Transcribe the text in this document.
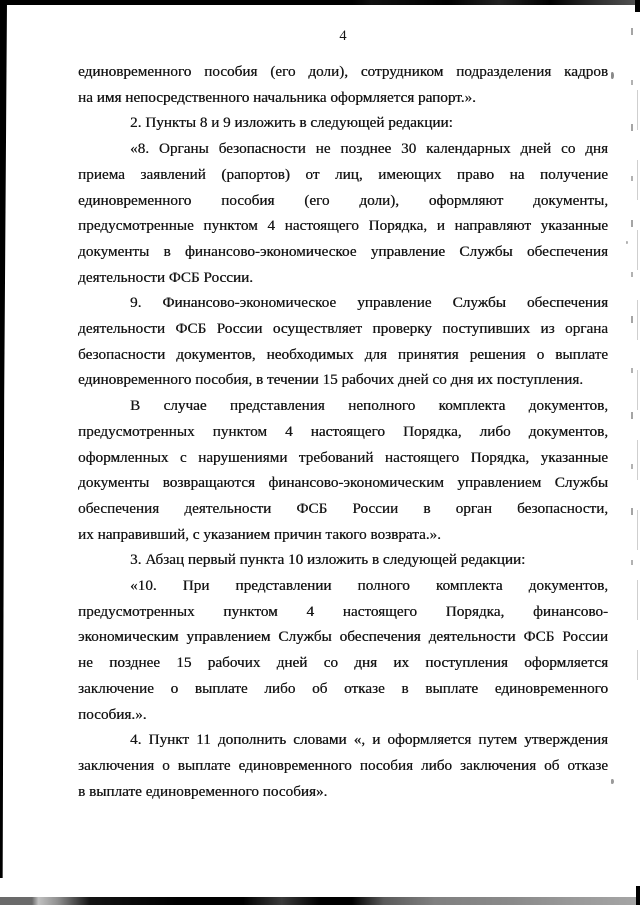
4
единовременного пособия (его доли), сотрудником подразделения кадров
на имя непосредственного начальника оформляется рапорт.».
2. Пункты 8 и 9 изложить в следующей редакции:
«8. Органы безопасности не позднее 30 календарных дней со дня
приема заявлений (рапортов) от лиц, имеющих право на получение
единовременного пособия (его доли), оформляют документы,
предусмотренные пунктом 4 настоящего Порядка, и направляют указанные
документы в финансово-экономическое управление Службы обеспечения
деятельности ФСБ России.
9. Финансово-экономическое управление Службы обеспечения
деятельности ФСБ России осуществляет проверку поступивших из органа
безопасности документов, необходимых для принятия решения о выплате
единовременного пособия, в течении 15 рабочих дней со дня их поступления.
В случае представления неполного комплекта документов,
предусмотренных пунктом 4 настоящего Порядка, либо документов,
оформленных с нарушениями требований настоящего Порядка, указанные
документы возвращаются финансово-экономическим управлением Службы
обеспечения деятельности ФСБ России в орган безопасности,
их направивший, с указанием причин такого возврата.».
3. Абзац первый пункта 10 изложить в следующей редакции:
«10. При представлении полного комплекта документов,
предусмотренных пунктом 4 настоящего Порядка, финансово-
экономическим управлением Службы обеспечения деятельности ФСБ России
не позднее 15 рабочих дней со дня их поступления оформляется
заключение о выплате либо об отказе в выплате единовременного
пособия.».
4. Пункт 11 дополнить словами «, и оформляется путем утверждения
заключения о выплате единовременного пособия либо заключения об отказе
в выплате единовременного пособия».
